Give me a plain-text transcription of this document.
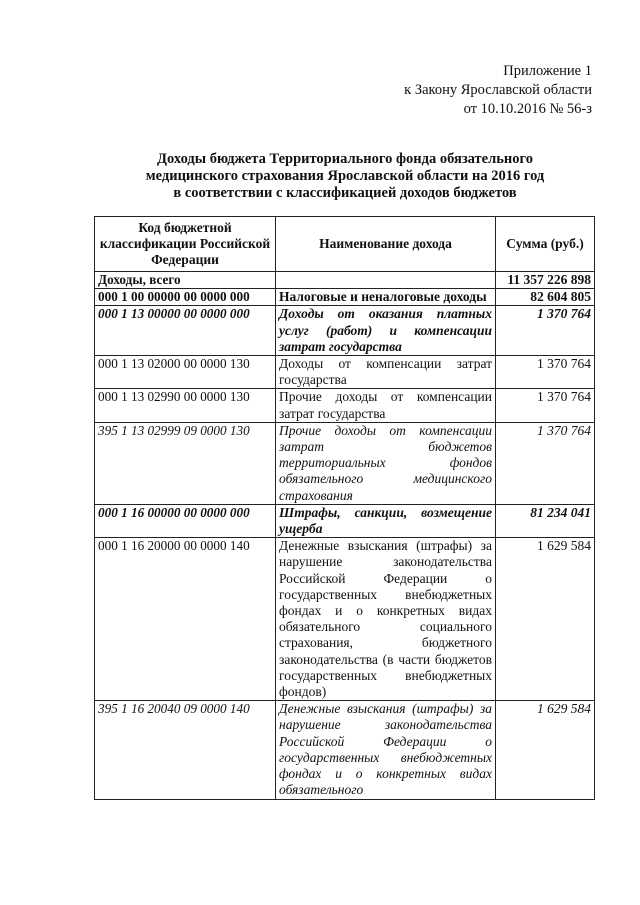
Приложение 1
к Закону Ярославской области
от 10.10.2016 № 56-з
Доходы бюджета Территориального фонда обязательного
медицинского страхования Ярославской области на 2016 год
в соответствии с классификацией доходов бюджетов
Код бюджетной классификации Российской Федерации	Наименование дохода	Сумма (руб.)
Доходы, всего		11 357 226 898
000 1 00 00000 00 0000 000	Налоговые и неналоговые доходы	82 604 805
000 1 13 00000 00 0000 000	Доходы от оказания платных услуг (работ) и компенсации затрат государства	1 370 764
000 1 13 02000 00 0000 130	Доходы от компенсации затрат государства	1 370 764
000 1 13 02990 00 0000 130	Прочие доходы от компенсации затрат государства	1 370 764
395 1 13 02999 09 0000 130	Прочие доходы от компенсации затрат бюджетов территориальных фондов обязательного медицинского страхования	1 370 764
000 1 16 00000 00 0000 000	Штрафы, санкции, возмещение ущерба	81 234 041
000 1 16 20000 00 0000 140	Денежные взыскания (штрафы) за нарушение законодательства Российской Федерации о государственных внебюджетных фондах и о конкретных видах обязательного социального страхования, бюджетного законодательства (в части бюджетов государственных внебюджетных фондов)	1 629 584
395 1 16 20040 09 0000 140	Денежные взыскания (штрафы) за нарушение законодательства Российской Федерации о государственных внебюджетных фондах и о конкретных видах обязательного	1 629 584
